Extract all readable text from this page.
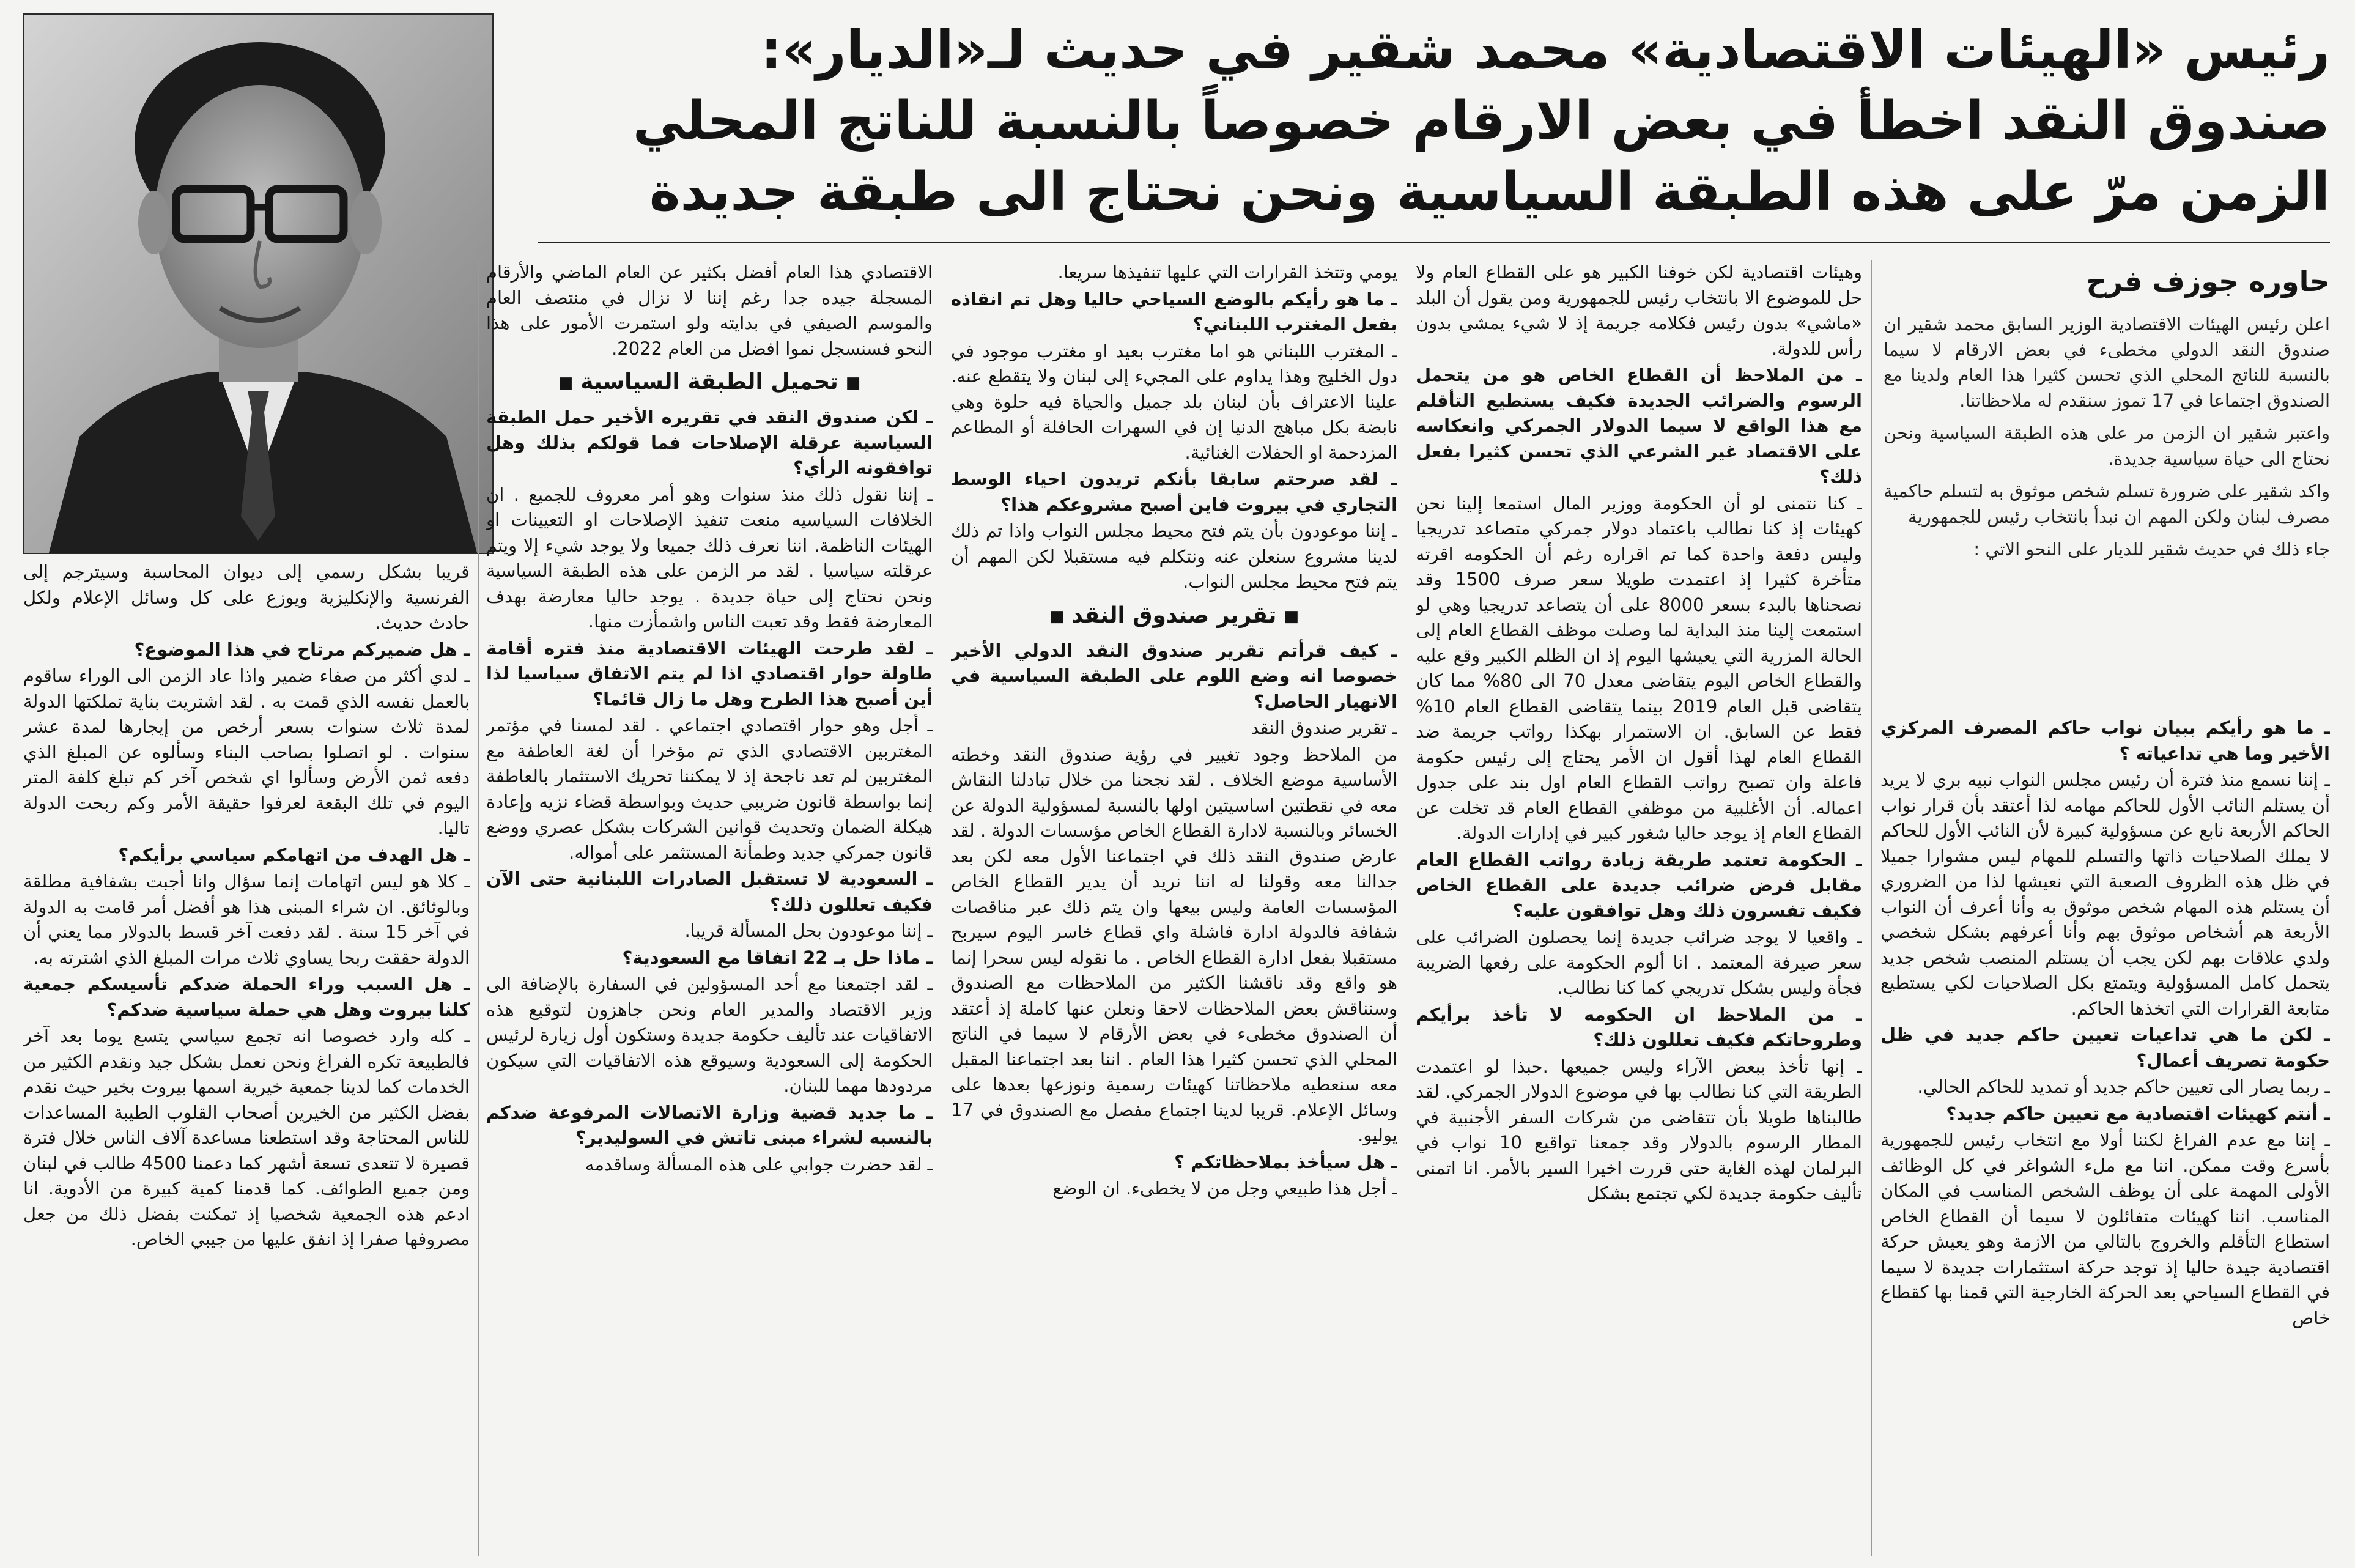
رئيس «الهيئات الاقتصادية» محمد شقير في حديث لـ«الديار»:
صندوق النقد اخطأ في بعض الارقام خصوصاً بالنسبة للناتج المحلي
الزمن مرّ على هذه الطبقة السياسية ونحن نحتاج الى طبقة جديدة
حاوره جوزف فرح

اعلن رئيس الهيئات الاقتصادية الوزير السابق محمد شقير ان صندوق النقد الدولي مخطىء في بعض الارقام لا سيما بالنسبة للناتج المحلي الذي تحسن كثيرا هذا العام ولدينا مع الصندوق اجتماعا في 17 تموز سنقدم له ملاحظاتنا.

واعتبر شقير ان الزمن مر على هذه الطبقة السياسية ونحن نحتاج الى حياة سياسية جديدة.

واكد شقير على ضرورة تسلم شخص موثوق به لتسلم حاكمية مصرف لبنان ولكن المهم ان نبدأ بانتخاب رئيس للجمهورية

جاء ذلك في حديث شقير للديار على النحو الاتي :

ـ ما هو رأيكم ببيان نواب حاكم المصرف المركزي الأخير وما هي تداعياته ؟

ـ إننا نسمع منذ فترة أن رئيس مجلس النواب نبيه بري لا يريد أن يستلم النائب الأول للحاكم مهامه لذا أعتقد بأن قرار نواب الحاكم الأربعة نابع عن مسؤولية كبيرة لأن النائب الأول للحاكم لا يملك الصلاحيات ذاتها والتسلم للمهام ليس مشوارا جميلا في ظل هذه الظروف الصعبة التي نعيشها لذا من الضروري أن يستلم هذه المهام شخص موثوق به وأنا أعرف أن النواب الأربعة هم أشخاص موثوق بهم وأنا أعرفهم بشكل شخصي ولدي علاقات بهم لكن يجب أن يستلم المنصب شخص جديد يتحمل كامل المسؤولية ويتمتع بكل الصلاحيات لكي يستطيع متابعة القرارات التي اتخذها الحاكم.

ـ لكن ما هي تداعيات تعيين حاكم جديد في ظل حكومة تصريف أعمال؟

ـ ربما يصار الى تعيين حاكم جديد أو تمديد للحاكم الحالي.

ـ أنتم كهيئات اقتصادية مع تعيين حاكم جديد؟

ـ إننا مع عدم الفراغ لكننا أولا مع انتخاب رئيس للجمهورية بأسرع وقت ممكن. اننا مع ملء الشواغر في كل الوظائف الأولى المهمة على أن يوظف الشخص المناسب في المكان المناسب. اننا كهيئات متفائلون لا سيما أن القطاع الخاص استطاع التأقلم والخروج بالتالي من الازمة وهو يعيش حركة اقتصادية جيدة حاليا إذ توجد حركة استثمارات جديدة لا سيما في القطاع السياحي بعد الحركة الخارجية التي قمنا بها كقطاع خاص

وهيئات اقتصادية لكن خوفنا الكبير هو على القطاع العام ولا حل للموضوع الا بانتخاب رئيس للجمهورية ومن يقول أن البلد «ماشي» بدون رئيس فكلامه جريمة إذ لا شيء يمشي بدون رأس للدولة.

ـ من الملاحظ أن القطاع الخاص هو من يتحمل الرسوم والضرائب الجديدة فكيف يستطيع التأقلم مع هذا الواقع لا سيما الدولار الجمركي وانعكاسه على الاقتصاد غير الشرعي الذي تحسن كثيرا بفعل ذلك؟

ـ كنا نتمنى لو أن الحكومة ووزير المال استمعا إلينا نحن كهيئات إذ كنا نطالب باعتماد دولار جمركي متصاعد تدريجيا وليس دفعة واحدة كما تم اقراره رغم أن الحكومه اقرته متأخرة كثيرا إذ اعتمدت طويلا سعر صرف 1500 وقد نصحناها بالبدء بسعر 8000 على أن يتصاعد تدريجيا وهي لو استمعت إلينا منذ البداية لما وصلت موظف القطاع العام إلى الحالة المزرية التي يعيشها اليوم إذ ان الظلم الكبير وقع عليه والقطاع الخاص اليوم يتقاضى معدل 70 الى 80% مما كان يتقاضى قبل العام 2019 بينما يتقاضى القطاع العام 10% فقط عن السابق. ان الاستمرار بهكذا رواتب جريمة ضد القطاع العام لهذا أقول ان الأمر يحتاج إلى رئيس حكومة فاعلة وان تصبح رواتب القطاع العام اول بند على جدول اعماله. أن الأغلبية من موظفي القطاع العام قد تخلت عن القطاع العام إذ يوجد حاليا شغور كبير في إدارات الدولة.

ـ الحكومة تعتمد طريقة زيادة رواتب القطاع العام مقابل فرض ضرائب جديدة على القطاع الخاص فكيف تفسرون ذلك وهل توافقون عليه؟

ـ واقعيا لا يوجد ضرائب جديدة إنما يحصلون الضرائب على سعر صيرفة المعتمد . انا ألوم الحكومة على رفعها الضريبة فجأة وليس بشكل تدريجي كما كنا نطالب.

ـ من الملاحظ ان الحكومه لا تأخذ برأيكم وطروحاتكم فكيف تعللون ذلك؟

ـ إنها تأخذ ببعض الآراء وليس جميعها .حبذا لو اعتمدت الطريقة التي كنا نطالب بها في موضوع الدولار الجمركي. لقد طالبناها طويلا بأن تتقاضى من شركات السفر الأجنبية في المطار الرسوم بالدولار وقد جمعنا تواقيع 10 نواب في البرلمان لهذه الغاية حتى قررت اخيرا السير بالأمر. انا اتمنى تأليف حكومة جديدة لكي تجتمع بشكل

يومي وتتخذ القرارات التي عليها تنفيذها سريعا.

ـ ما هو رأيكم بالوضع السياحي حاليا وهل تم انقاذه بفعل المغترب اللبناني؟

ـ المغترب اللبناني هو اما مغترب بعيد او مغترب موجود في دول الخليج وهذا يداوم على المجيء إلى لبنان ولا يتقطع عنه. علينا الاعتراف بأن لبنان بلد جميل والحياة فيه حلوة وهي نابضة بكل مباهج الدنيا إن في السهرات الحافلة أو المطاعم المزدحمة او الحفلات الغنائية.

ـ لقد صرحتم سابقا بأنكم تريدون احياء الوسط التجاري في بيروت فاين أصبح مشروعكم هذا؟

ـ إننا موعودون بأن يتم فتح محيط مجلس النواب واذا تم ذلك لدينا مشروع سنعلن عنه ونتكلم فيه مستقبلا لكن المهم أن يتم فتح محيط مجلس النواب.

■تقرير صندوق النقد■

ـ كيف قرأتم تقرير صندوق النقد الدولي الأخير خصوصا انه وضع اللوم على الطبقة السياسية في الانهيار الحاصل؟

ـ تقرير صندوق النقد

من الملاحظ وجود تغيير في رؤية صندوق النقد وخطته الأساسية موضع الخلاف . لقد نجحنا من خلال تبادلنا النقاش معه في نقطتين اساسيتين اولها بالنسبة لمسؤولية الدولة عن الخسائر وبالنسبة لادارة القطاع الخاص مؤسسات الدولة . لقد عارض صندوق النقد ذلك في اجتماعنا الأول معه لكن بعد جدالنا معه وقولنا له اننا نريد أن يدير القطاع الخاص المؤسسات العامة وليس بيعها وان يتم ذلك عبر مناقصات شفافة فالدولة ادارة فاشلة واي قطاع خاسر اليوم سيربح مستقبلا بفعل ادارة القطاع الخاص . ما نقوله ليس سحرا إنما هو واقع وقد ناقشنا الكثير من الملاحظات مع الصندوق وسنناقش بعض الملاحظات لاحقا ونعلن عنها كاملة إذ أعتقد أن الصندوق مخطىء في بعض الأرقام لا سيما في الناتج المحلي الذي تحسن كثيرا هذا العام . اننا بعد اجتماعنا المقبل معه سنعطيه ملاحظاتنا كهيئات رسمية ونوزعها بعدها على وسائل الإعلام. قريبا لدينا اجتماع مفصل مع الصندوق في 17 يوليو.

ـ هل سيأخذ بملاحظاتكم ؟

ـ أجل هذا طبيعي وجل من لا يخطىء. ان الوضع

الاقتصادي هذا العام أفضل بكثير عن العام الماضي والأرقام المسجلة جيده جدا رغم إننا لا نزال في منتصف العام والموسم الصيفي في بدايته ولو استمرت الأمور على هذا النحو فسنسجل نموا افضل من العام 2022.

■تحميل الطبقة السياسية■

ـ لكن صندوق النقد في تقريره الأخير حمل الطبقة السياسية عرقلة الإصلاحات فما قولكم بذلك وهل توافقونه الرأي؟

ـ إننا نقول ذلك منذ سنوات وهو أمر معروف للجميع . ان الخلافات السياسيه منعت تنفيذ الإصلاحات او التعيينات او الهيئات الناظمة. اننا نعرف ذلك جميعا ولا يوجد شيء إلا ويتم عرقلته سياسيا . لقد مر الزمن على هذه الطبقة السياسية ونحن نحتاج إلى حياة جديدة . يوجد حاليا معارضة بهدف المعارضة فقط وقد تعبت الناس واشمأزت منها.

ـ لقد طرحت الهيئات الاقتصادية منذ فتره أقامة طاولة حوار اقتصادي اذا لم يتم الاتفاق سياسيا لذا أين أصبح هذا الطرح وهل ما زال قائما؟

ـ أجل وهو حوار اقتصادي اجتماعي . لقد لمسنا في مؤتمر المغتربين الاقتصادي الذي تم مؤخرا أن لغة العاطفة مع المغتربين لم تعد ناجحة إذ لا يمكننا تحريك الاستثمار بالعاطفة إنما بواسطة قانون ضريبي حديث وبواسطة قضاء نزيه وإعادة هيكلة الضمان وتحديث قوانين الشركات بشكل عصري ووضع قانون جمركي جديد وطمأنة المستثمر على أمواله.

ـ السعودية لا تستقبل الصادرات اللبنانية حتى الآن فكيف تعللون ذلك؟

ـ إننا موعودون بحل المسألة قريبا.

ـ ماذا حل بـ 22 اتفاقا مع السعودية؟

ـ لقد اجتمعنا مع أحد المسؤولين في السفارة بالإضافة الى وزير الاقتصاد والمدير العام ونحن جاهزون لتوقيع هذه الاتفاقيات عند تأليف حكومة جديدة وستكون أول زيارة لرئيس الحكومة إلى السعودية وسيوقع هذه الاتفاقيات التي سيكون مردودها مهما للبنان.

ـ ما جديد قضية وزارة الاتصالات المرفوعة ضدكم بالنسبه لشراء مبنى تاتش في السوليدير؟

ـ لقد حضرت جوابي على هذه المسألة وساقدمه

قريبا بشكل رسمي إلى ديوان المحاسبة وسيترجم إلى الفرنسية والإنكليزية ويوزع على كل وسائل الإعلام ولكل حادث حديث.

ـ هل ضميركم مرتاح في هذا الموضوع؟

ـ لدي أكثر من صفاء ضمير واذا عاد الزمن الى الوراء ساقوم بالعمل نفسه الذي قمت به . لقد اشتريت بناية تملكتها الدولة لمدة ثلاث سنوات بسعر أرخص من إيجارها لمدة عشر سنوات . لو اتصلوا بصاحب البناء وسألوه عن المبلغ الذي دفعه ثمن الأرض وسألوا اي شخص آخر كم تبلغ كلفة المتر اليوم في تلك البقعة لعرفوا حقيقة الأمر وكم ربحت الدولة تاليا.

ـ هل الهدف من اتهامكم سياسي برأيكم؟

ـ كلا هو ليس اتهامات إنما سؤال وانا أجبت بشفافية مطلقة وبالوثائق. ان شراء المبنى هذا هو أفضل أمر قامت به الدولة في آخر 15 سنة . لقد دفعت آخر قسط بالدولار مما يعني أن الدولة حققت ربحا يساوي ثلاث مرات المبلغ الذي اشترته به.

ـ هل السبب وراء الحملة ضدكم تأسيسكم جمعية كلنا بيروت وهل هي حملة سياسية ضدكم؟

ـ كله وارد خصوصا انه تجمع سياسي يتسع يوما بعد آخر فالطبيعة تكره الفراغ ونحن نعمل بشكل جيد ونقدم الكثير من الخدمات كما لدينا جمعية خيرية اسمها بيروت بخير حيث نقدم بفضل الكثير من الخيرين أصحاب القلوب الطيبة المساعدات للناس المحتاجة وقد استطعنا مساعدة آلاف الناس خلال فترة قصيرة لا تتعدى تسعة أشهر كما دعمنا 4500 طالب في لبنان ومن جميع الطوائف. كما قدمنا كمية كبيرة من الأدوية. انا ادعم هذه الجمعية شخصيا إذ تمكنت بفضل ذلك من جعل مصروفها صفرا إذ انفق عليها من جيبي الخاص.
